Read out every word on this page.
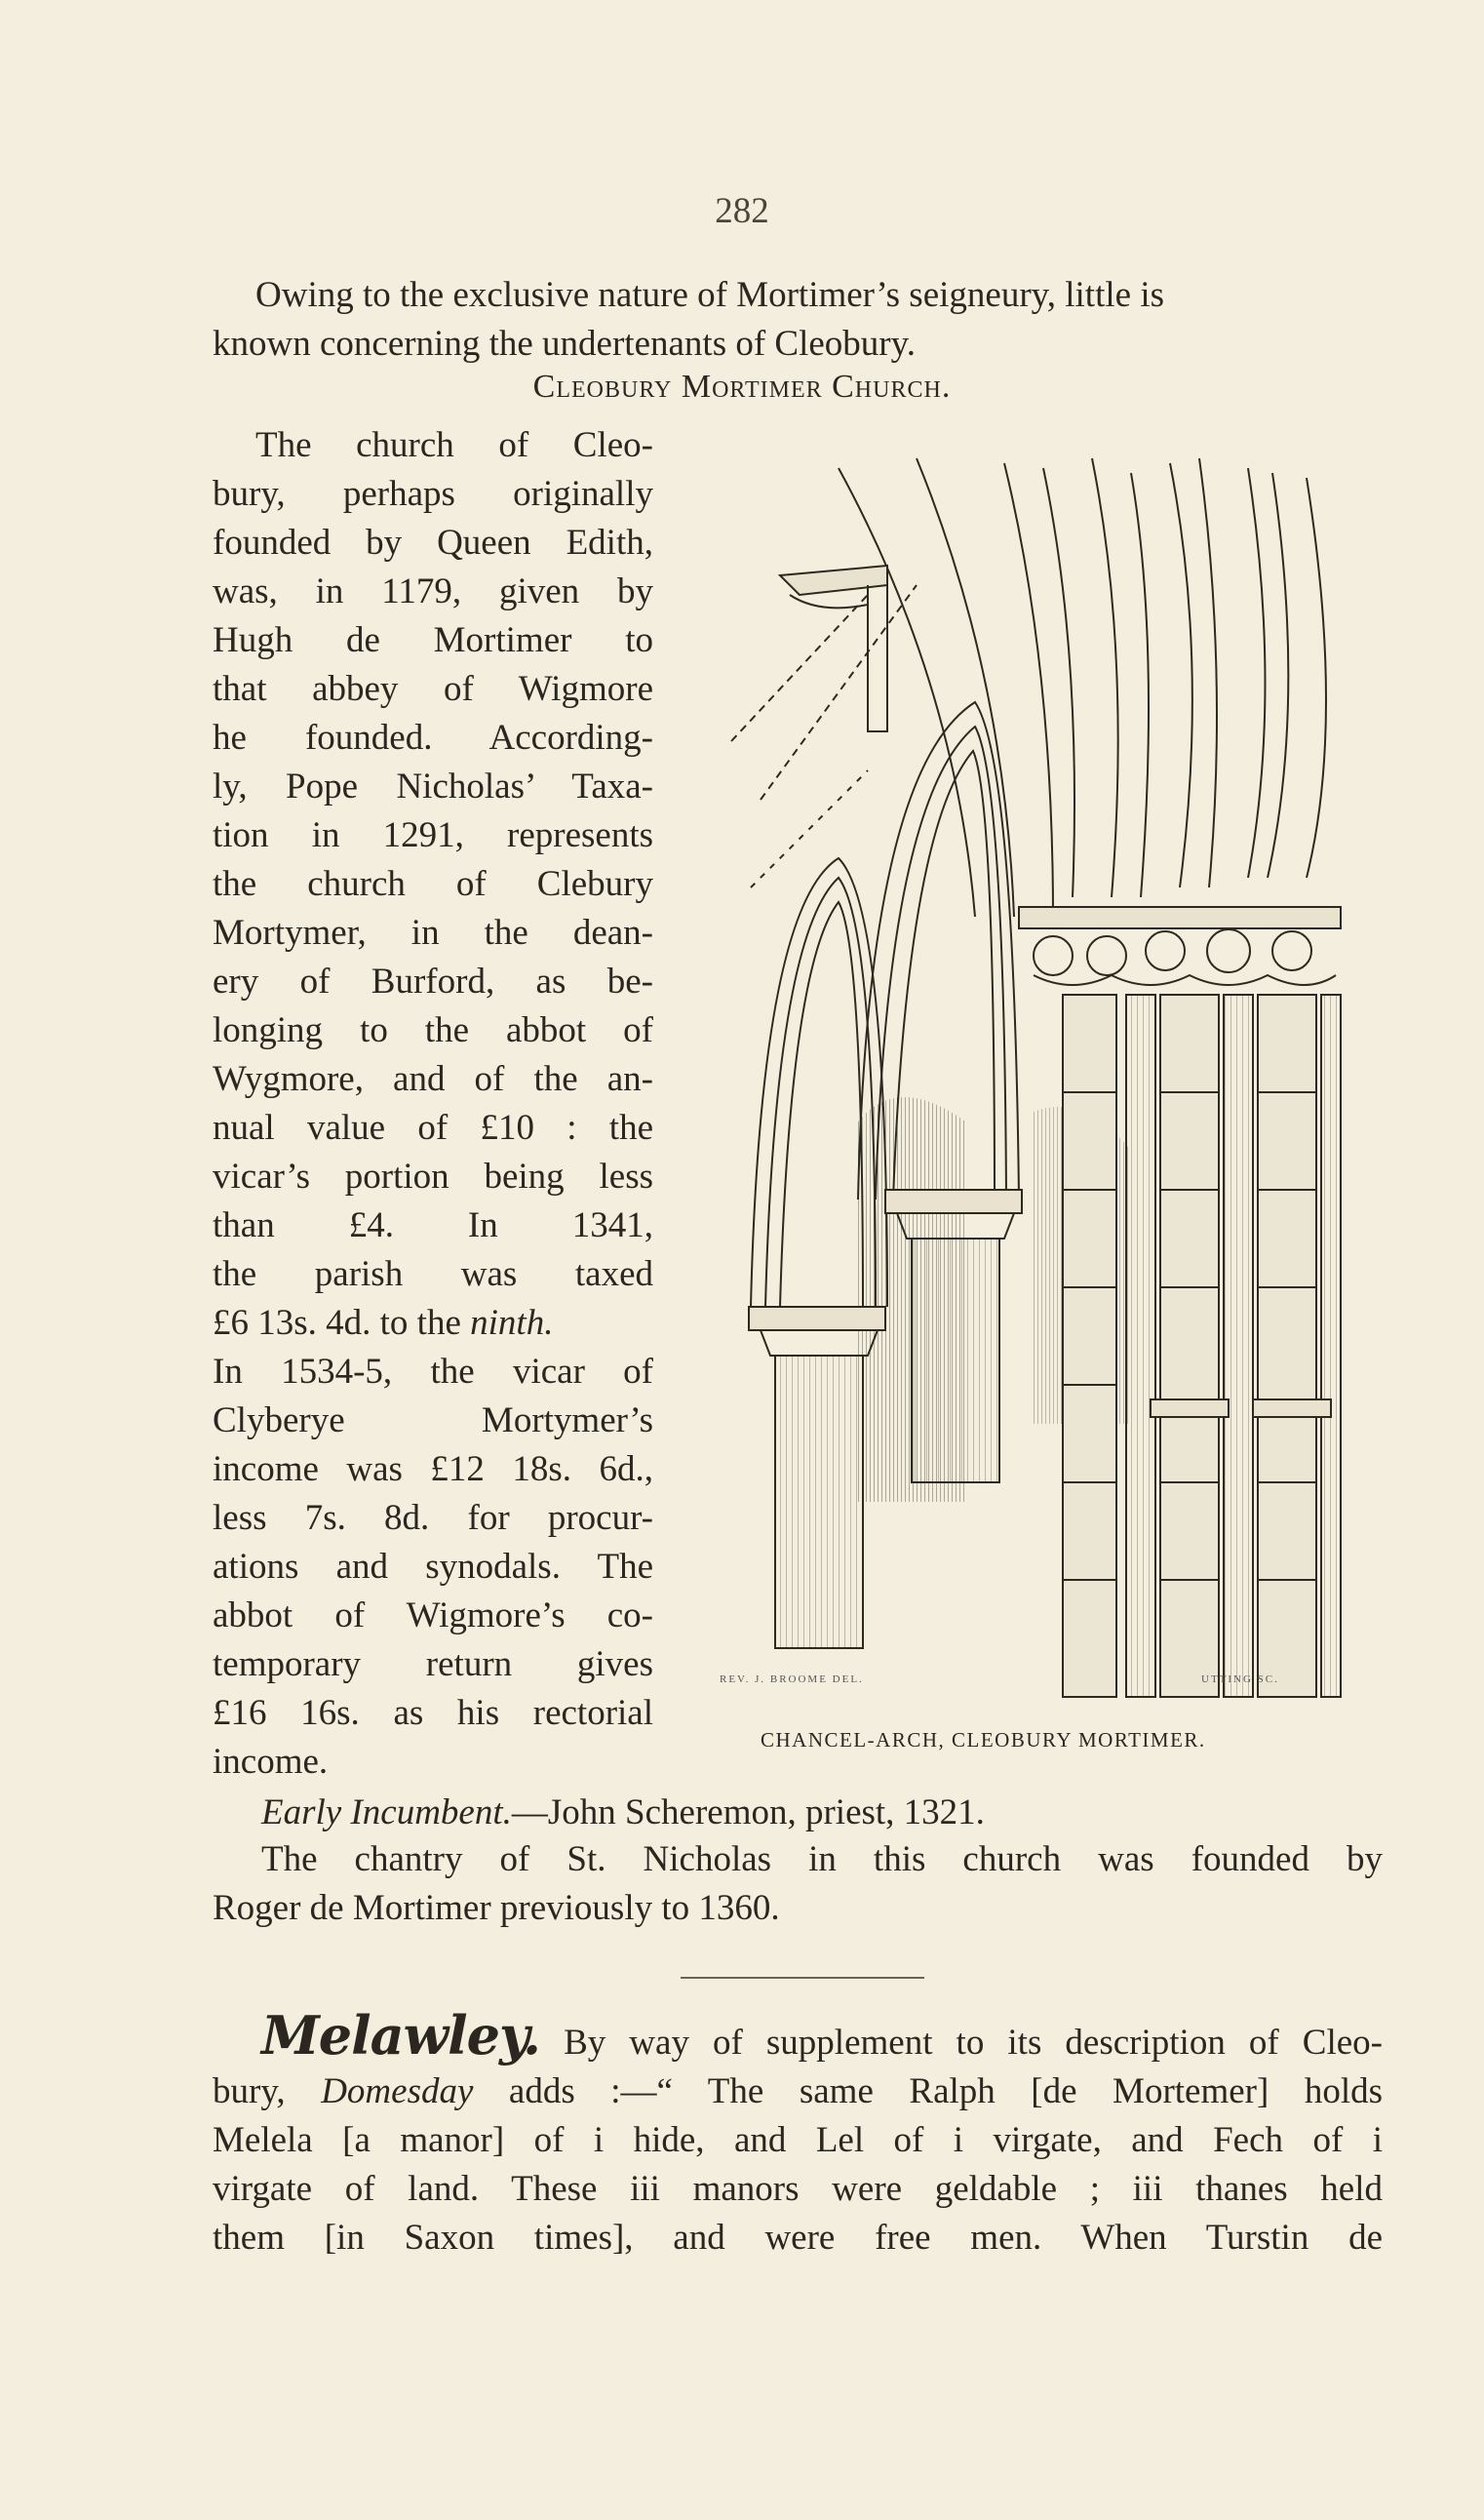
282
Owing to the exclusive nature of Mortimer’s seigneury, little is
known concerning the undertenants of Cleobury.
Cleobury Mortimer Church.
The church of Cleo-
bury, perhaps originally
founded by Queen Edith,
was, in 1179, given by
Hugh de Mortimer to
that abbey of Wigmore
he founded. According-
ly, Pope Nicholas’ Taxa-
tion in 1291, represents
the church of Clebury
Mortymer, in the dean-
ery of Burford, as be-
longing to the abbot of
Wygmore, and of the an-
nual value of £10 : the
vicar’s portion being less
than £4. In 1341,
the parish was taxed
£6 13s. 4d. to the ninth.
In 1534-5, the vicar of
Clyberye Mortymer’s
income was £12 18s. 6d.,
less 7s. 8d. for procur-
ations and synodals. The
abbot of Wigmore’s co-
temporary return gives
£16 16s. as his rectorial
income.
REV. J. BROOME DEL.	UTTING SC.
CHANCEL-ARCH, CLEOBURY MORTIMER.
Early Incumbent.—John Scheremon, priest, 1321.
The chantry of St. Nicholas in this church was founded by
Roger de Mortimer previously to 1360.
Melawley. By way of supplement to its description of Cleo-
bury, Domesday adds :—“ The same Ralph [de Mortemer] holds
Melela [a manor] of i hide, and Lel of i virgate, and Fech of i
virgate of land. These iii manors were geldable ; iii thanes held
them [in Saxon times], and were free men. When Turstin de
